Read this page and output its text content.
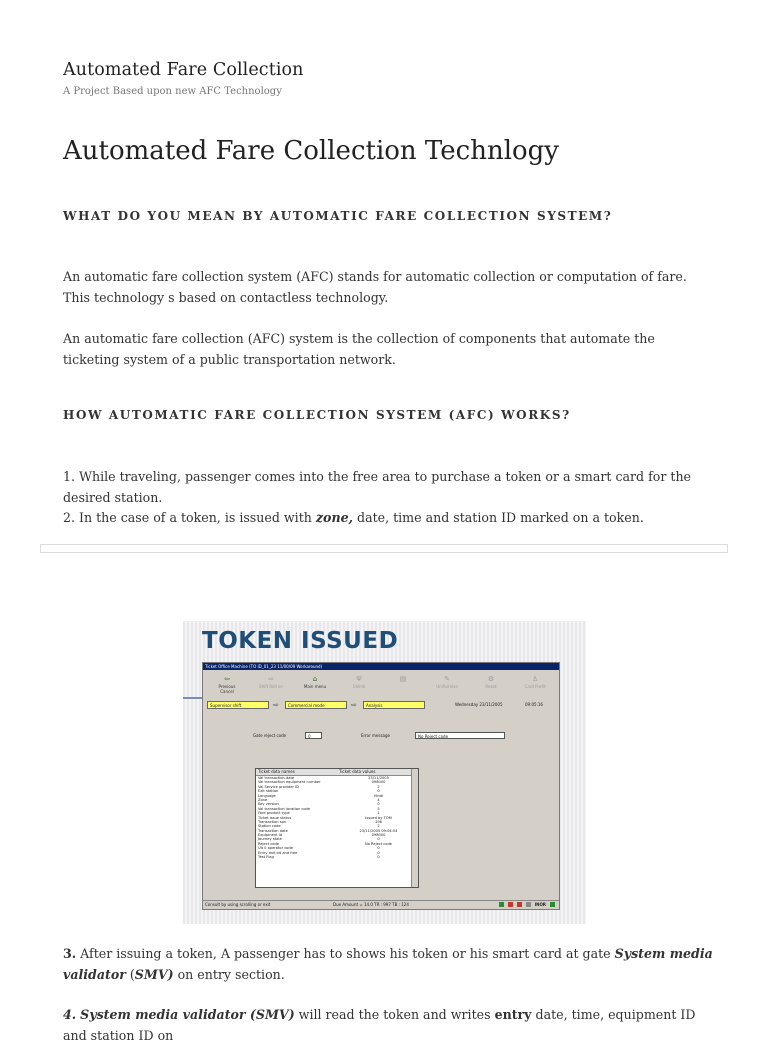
Automated Fare Collection

A Project Based upon new AFC Technology

Automated Fare Collection Technlogy
WHAT DO YOU MEAN BY AUTOMATIC FARE COLLECTION SYSTEM?

An automatic fare collection system (AFC) stands for automatic collection or computation of fare. This technology s based on contactless technology.

An automatic fare collection (AFC) system is the collection of components that automate the ticketing system of a public transportation network.

HOW AUTOMATIC FARE COLLECTION SYSTEM (AFC) WORKS?

1. While traveling, passenger comes into the free area to purchase a token or a smart card for the desired station.

2. In the case of a token, is issued with zone, date, time and station ID marked on a token.

TOKEN ISSUED
Ticket Office Machine (TO ID_01_23 11/00/09 Workaround)
⇦
Previous Cancel
⇨
Shift Roll on
⌂
Main menu
Ψ
Unlink
▤	✎
Uniformise
⚙
Reset
♙
Card Profit
Supervisor shift	⇨	Commercial mode	⇨	Analysis	Wednesday 23/11/2005	09:05:16
Gate reject code	0	Error message	No Reject code
Ticket data names	Ticket data values
Val transaction date	23/11/2005
Val transaction equipment number	098000
Val Service provider ID	2
Exit station	0
Language	Hindi
Zone	4
Key version	0
Val transaction location code	5
Fare product type	1
Ticket issue status	Issued by TOM
Transaction spn	196
Station code	2
Transaction date	23/11/2005 09:04:54
Equipment Id	098000
Journey state	0
Reject code	No Reject code
Ult 0 operator code	0
Entry exit bit and free	0
Test Flag	0
Consult by using scrolling or exit	Due Amount = 14.0 TR : 997 TB : 124	INOR

3. After issuing a token, A passenger has to shows his token or his smart card at gate System media validator (SMV) on entry section.

4. System media validator (SMV) will read the token and writes entry date, time, equipment ID and station ID on
